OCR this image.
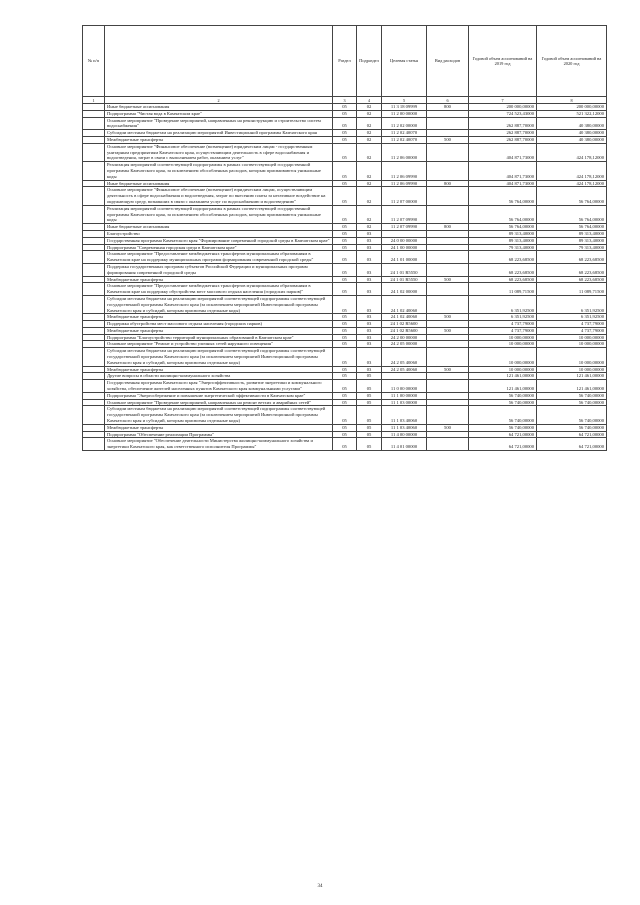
№ п/п		Раздел	Подраздел	Целевая статья	Вид расходов	Годовой объем ассигнований на 2019 год	Годовой объем ассигнований на 2020 год
1	2	3	4	5	6	7	8
	Иные бюджетные ассигнования	05	02	11 3 18 09999	800	200 000,00000	200 000,00000
	Подпрограмма "Чистая вода в Камчатском крае"	05	02	11 2 00 00000		724 523,43000	521 322,12000
	Основное мероприятие "Проведение мероприятий, направленных на реконструкцию и строительство систем водоснабжения"	05	02	11 2 02 00000		262 887,70000	40 380,00000
	Субсидии местным бюджетам на реализацию мероприятий Инвестиционной программы Камчатского края	05	02	11 2 02 40070		262 887,70000	40 380,00000
	Межбюджетные трансферты	05	02	11 2 02 40070	500	262 887,70000	40 380,00000
	Основное мероприятие "Финансовое обеспечение (возмещение) юридическим лицам - государственным унитарным предприятиям Камчатского края, осуществляющим деятельность в сфере водоснабжения и водоотведения, затрат в связи с выполнением работ, оказанием услуг"	05	02	11 2 06 00000		404 871,73000	424 178,12000
	Реализация мероприятий соответствующей подпрограммы в рамках соответствующей государственной программы Камчатского края, за исключением обособленных расходов, которым присваиваются уникальные коды	05	02	11 2 06 09990		404 871,73000	424 178,12000
	Иные бюджетные ассигнования	05	02	11 2 06 09990	800	404 871,73000	424 178,12000
	Основное мероприятие "Финансовое обеспечение (возмещение) юридическим лицам, осуществляющим деятельность в сфере водоснабжения и водоотведения, затрат по внесению платы за негативное воздействие на окружающую среду, возникших в связи с оказанием услуг по водоснабжению и водоотведению"	05	02	11 2 07 00000		56 764,00000	56 764,00000
	Реализация мероприятий соответствующей подпрограммы в рамках соответствующей государственной программы Камчатского края, за исключением обособленных расходов, которым присваиваются уникальные коды	05	02	11 2 07 09990		56 764,00000	56 764,00000
	Иные бюджетные ассигнования	05	02	11 2 07 09990	800	56 764,00000	56 764,00000
	Благоустройство	05	03			89 313,40000	89 313,40000
	Государственная программа Камчатского края "Формирование современной городской среды в Камчатском крае"	05	03	24 0 00 00000		89 313,40000	89 313,40000
	Подпрограмма "Современная городская среда в Камчатском крае"	05	03	24 1 00 00000		79 313,40000	79 313,40000
	Основное мероприятие "Предоставление межбюджетных трансфертов муниципальным образованиям в Камчатском крае на поддержку муниципальных программ формирования современной городской среды"	05	03	24 1 01 00000		68 223,68500	68 223,68500
	Поддержка государственных программ субъектов Российской Федерации и муниципальных программ формирования современной городской среды	05	03	24 1 01 R5550		68 223,68500	68 223,68500
	Межбюджетные трансферты	05	03	24 1 01 R5550	500	68 223,68500	68 223,68500
	Основное мероприятие "Предоставление межбюджетных трансфертов муниципальным образованиям в Камчатском крае на поддержку обустройства мест массового отдыха населения (городских парков)"	05	03	24 1 02 00000		11 089,71500	11 089,71500
	Субсидии местным бюджетам на реализацию мероприятий соответствующей подпрограммы соответствующей государственной программы Камчатского края (за исключением мероприятий Инвестиционной программы Камчатского края и субсидий, которым присвоены отдельные коды)	05	03	24 1 02 40060		6 351,92500	6 351,92500
	Межбюджетные трансферты	05	03	24 1 02 40060	500	6 351,92500	6 351,92500
	Поддержка обустройства мест массового отдыха населения (городских парков)	05	03	24 1 02 R5600		4 737,79000	4 737,79000
	Межбюджетные трансферты	05	03	24 1 02 R5600	500	4 737,79000	4 737,79000
	Подпрограмма "Благоустройство территорий муниципальных образований в Камчатском крае"	05	03	24 2 00 00000		10 000,00000	10 000,00000
	Основное мероприятие "Ремонт и устройство уличных сетей наружного освещения"	05	03	24 2 05 00000		10 000,00000	10 000,00000
	Субсидии местным бюджетам на реализацию мероприятий соответствующей подпрограммы соответствующей государственной программы Камчатского края (за исключением мероприятий Инвестиционной программы Камчатского края и субсидий, которым присвоены отдельные коды)	05	03	24 2 05 40060		10 000,00000	10 000,00000
	Межбюджетные трансферты	05	03	24 2 05 40060	500	10 000,00000	10 000,00000
	Другие вопросы в области жилищно-коммунального хозяйства	05	05			121 461,00000	121 461,00000
	Государственная программа Камчатского края "Энергоэффективность, развитие энергетики и коммунального хозяйства, обеспечение жителей населенных пунктов Камчатского края коммунальными услугами"	05	05	11 0 00 00000		121 461,00000	121 461,00000
	Подпрограмма "Энергосбережение и повышение энергетической эффективности в Камчатском крае"	05	05	11 1 00 00000		56 740,00000	56 740,00000
	Основное мероприятие "Проведение мероприятий, направленных на ремонт ветхих и аварийных сетей"	05	05	11 1 03 00000		56 740,00000	56 740,00000
	Субсидии местным бюджетам на реализацию мероприятий соответствующей подпрограммы соответствующей государственной программы Камчатского края (за исключением мероприятий Инвестиционной программы Камчатского края и субсидий, которым присвоены отдельные коды)	05	05	11 1 03 40060		56 740,00000	56 740,00000
	Межбюджетные трансферты	05	05	11 1 03 40060	500	56 740,00000	56 740,00000
	Подпрограмма "Обеспечение реализации Программы"	05	05	11 4 00 00000		64 721,00000	64 721,00000
	Основное мероприятие "Обеспечение деятельности Министерства жилищно-коммунального хозяйства и энергетики Камчатского края, как ответственного исполнителя Программы"	05	05	11 4 01 00000		64 721,00000	64 721,00000
34
